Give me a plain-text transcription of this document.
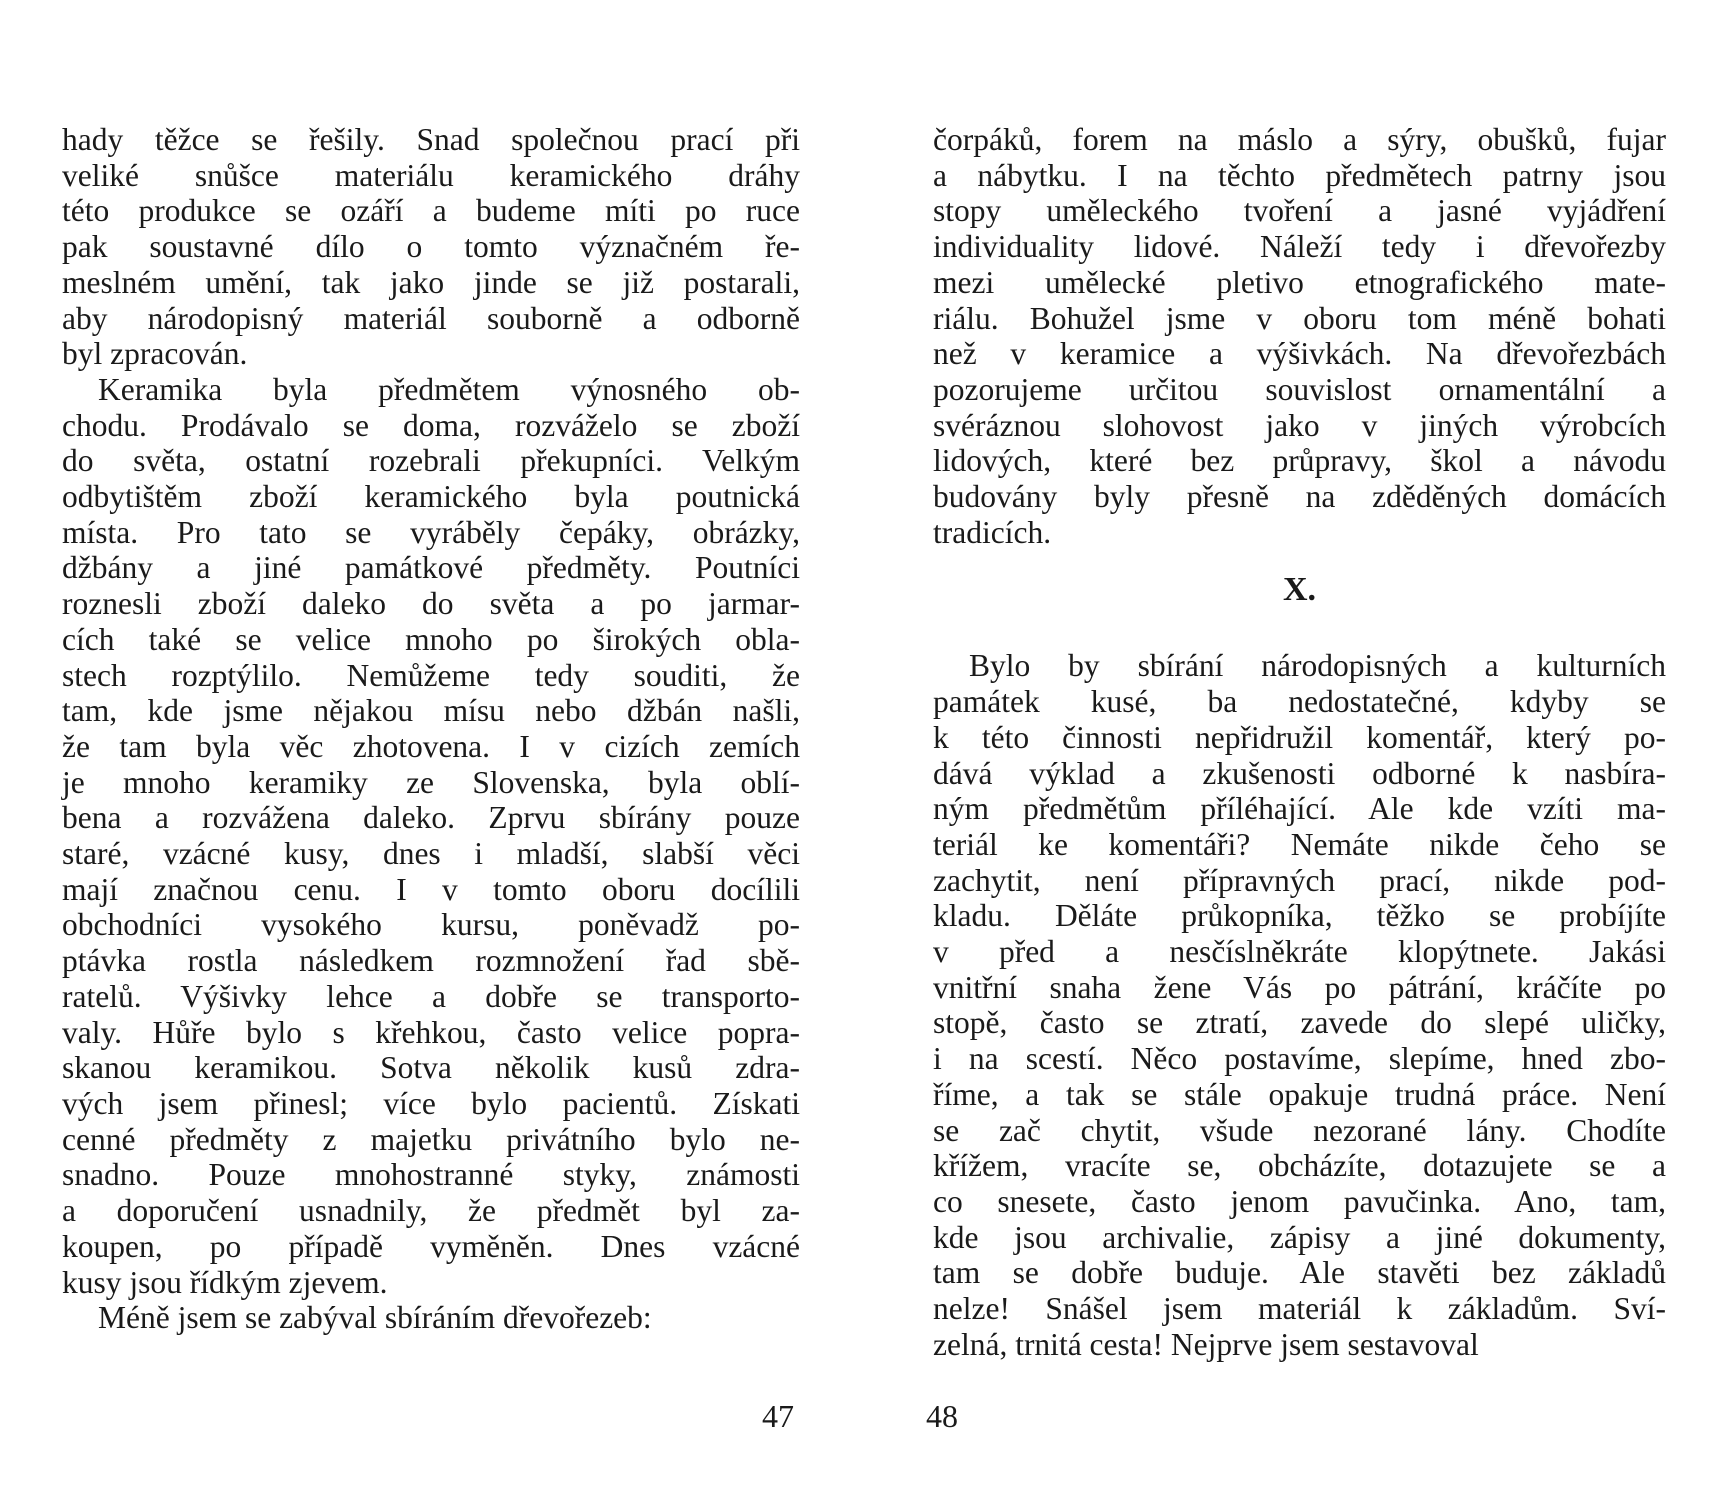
hady těžce se řešily. Snad společnou prací při
veliké snůšce materiálu keramického dráhy
této produkce se ozáří a budeme míti po ruce
pak soustavné dílo o tomto význačném ře-
meslném umění, tak jako jinde se již postarali,
aby národopisný materiál souborně a odborně
byl zpracován.

Keramika byla předmětem výnosného ob-
chodu. Prodávalo se doma, rozváželo se zboží
do světa, ostatní rozebrali překupníci. Velkým
odbytištěm zboží keramického byla poutnická
místa. Pro tato se vyráběly čepáky, obrázky,
džbány a jiné památkové předměty. Poutníci
roznesli zboží daleko do světa a po jarmar-
cích také se velice mnoho po širokých obla-
stech rozptýlilo. Nemůžeme tedy souditi, že
tam, kde jsme nějakou mísu nebo džbán našli,
že tam byla věc zhotovena. I v cizích zemích
je mnoho keramiky ze Slovenska, byla oblí-
bena a rozvážena daleko. Zprvu sbírány pouze
staré, vzácné kusy, dnes i mladší, slabší věci
mají značnou cenu. I v tomto oboru docílili
obchodníci vysokého kursu, poněvadž po-
ptávka rostla následkem rozmnožení řad sbě-
ratelů. Výšivky lehce a dobře se transporto-
valy. Hůře bylo s křehkou, často velice popra-
skanou keramikou. Sotva několik kusů zdra-
vých jsem přinesl; více bylo pacientů. Získati
cenné předměty z majetku privátního bylo ne-
snadno. Pouze mnohostranné styky, známosti
a doporučení usnadnily, že předmět byl za-
koupen, po případě vyměněn. Dnes vzácné
kusy jsou řídkým zjevem.

Méně jsem se zabýval sbíráním dřevořezeb:

47

čorpáků, forem na máslo a sýry, obušků, fujar
a nábytku. I na těchto předmětech patrny jsou
stopy uměleckého tvoření a jasné vyjádření
individuality lidové. Náleží tedy i dřevořezby
mezi umělecké pletivo etnografického mate-
riálu. Bohužel jsme v oboru tom méně bohati
než v keramice a výšivkách. Na dřevořezbách
pozorujeme určitou souvislost ornamentální a
svéráznou slohovost jako v jiných výrobcích
lidových, které bez průpravy, škol a návodu
budovány byly přesně na zděděných domácích
tradicích.

X.

Bylo by sbírání národopisných a kulturních
památek kusé, ba nedostatečné, kdyby se
k této činnosti nepřidružil komentář, který po-
dává výklad a zkušenosti odborné k nasbíra-
ným předmětům příléhající. Ale kde vzíti ma-
teriál ke komentáři? Nemáte nikde čeho se
zachytit, není přípravných prací, nikde pod-
kladu. Děláte průkopníka, těžko se probíjíte
v před a nesčíslněkráte klopýtnete. Jakási
vnitřní snaha žene Vás po pátrání, kráčíte po
stopě, často se ztratí, zavede do slepé uličky,
i na scestí. Něco postavíme, slepíme, hned zbo-
říme, a tak se stále opakuje trudná práce. Není
se zač chytit, všude nezorané lány. Chodíte
křížem, vracíte se, obcházíte, dotazujete se a
co snesete, často jenom pavučinka. Ano, tam,
kde jsou archivalie, zápisy a jiné dokumenty,
tam se dobře buduje. Ale stavěti bez základů
nelze! Snášel jsem materiál k základům. Sví-
zelná, trnitá cesta! Nejprve jsem sestavoval

48
